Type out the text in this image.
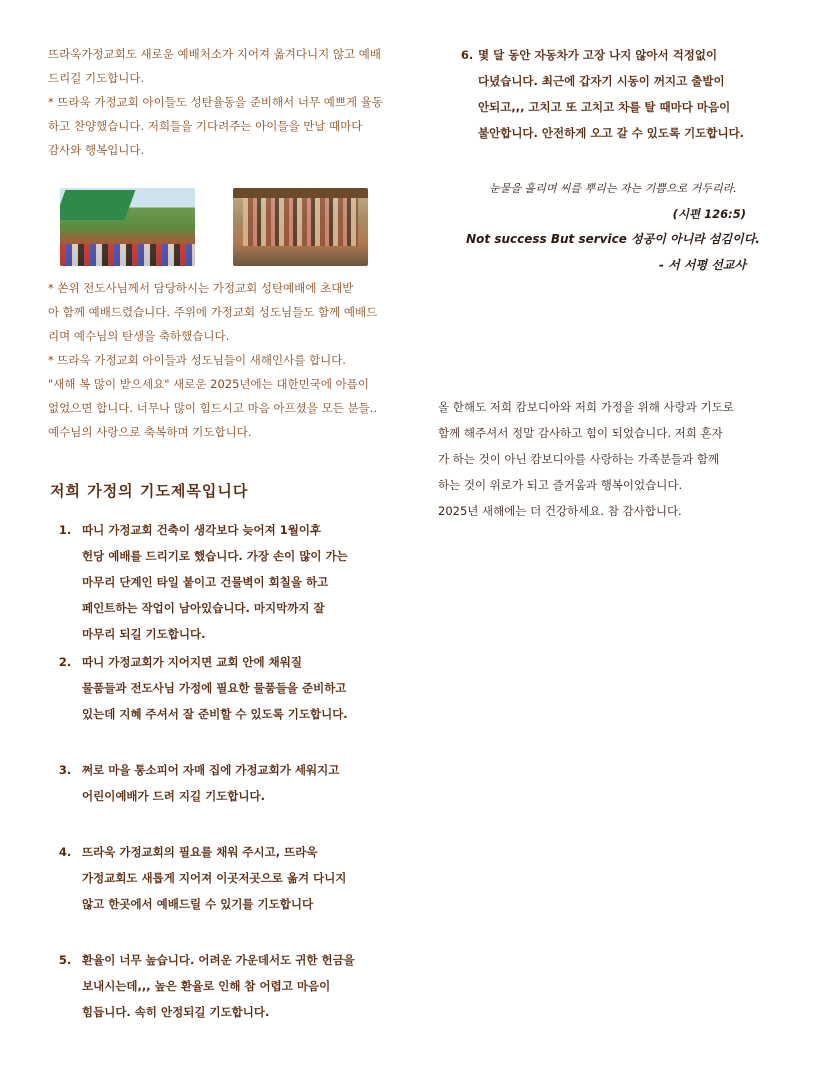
뜨라욱가정교회도 새로운 예배처소가 지어져 옮겨다니지 않고 예배

드리길 기도합니다.

* 뜨라욱 가정교회 아이들도 성탄율동을 준비해서 너무 예쁘게 율동

하고 찬양했습니다. 저희들을 기다려주는 아이들을 만날 때마다

감사와 행복입니다.

* 쏜위 전도사님께서 담당하시는 가정교회 성탄예배에 초대받

아 함께 예배드렸습니다. 주위에 가정교회 성도님들도 함께 예배드

리며 예수님의 탄생을 축하했습니다.

* 뜨라욱 가정교회 아이들과 성도님들이 새해인사를 합니다.

"새해 복 많이 받으세요" 새로운 2025년에는 대한민국에 아픔이

없었으면 합니다. 너무나 많이 힘드시고 마음 아프셨을 모든 분들..

예수님의 사랑으로 축복하며 기도합니다.

저희 가정의 기도제목입니다
1. 따니 가정교회 건축이 생각보다 늦어져 1월이후
헌당 예배를 드리기로 했습니다. 가장 손이 많이 가는
마무리 단계인 타일 붙이고 건물벽이 회칠을 하고
페인트하는 작업이 남아있습니다. 마지막까지 잘
마무리 되길 기도합니다.
2. 따니 가정교회가 지어지면 교회 안에 채워질
물품들과 전도사님 가정에 필요한 물품들을 준비하고
있는데 지혜 주셔서 잘 준비할 수 있도록 기도합니다.
3. 쩌로 마을 통소피어 자매 집에 가정교회가 세워지고
어린이예배가 드려 지길 기도합니다.
4. 뜨라욱 가정교회의 필요를 채워 주시고, 뜨라욱
가정교회도 새롭게 지어져 이곳저곳으로 옮겨 다니지
않고 한곳에서 예배드릴 수 있기를 기도합니다
5. 환율이 너무 높습니다. 어려운 가운데서도 귀한 헌금을
보내시는데,,, 높은 환율로 인해 참 어렵고 마음이
힘듭니다. 속히 안정되길 기도합니다.
6. 몇 달 동안 자동차가 고장 나지 않아서 걱정없이
다녔습니다. 최근에 갑자기 시동이 꺼지고 출발이
안되고,,, 고치고 또 고치고 차를 탈 때마다 마음이
불안합니다. 안전하게 오고 갈 수 있도록 기도합니다.
눈물을 흘리며 씨를 뿌리는 자는 기쁨으로 거두리라.
(시편 126:5)
Not success But service 성공이 아니라 섬김이다.
- 서 서평 선교사

올 한해도 저희 캄보디아와 저희 가정을 위해 사랑과 기도로

함께 해주셔서 정말 감사하고 힘이 되었습니다. 저희 혼자

가 하는 것이 아닌 캄보디아를 사랑하는 가족분들과 함께

하는 것이 위로가 되고 즐거움과 행복이었습니다.

2025년 새해에는 더 건강하세요. 참 감사합니다.
